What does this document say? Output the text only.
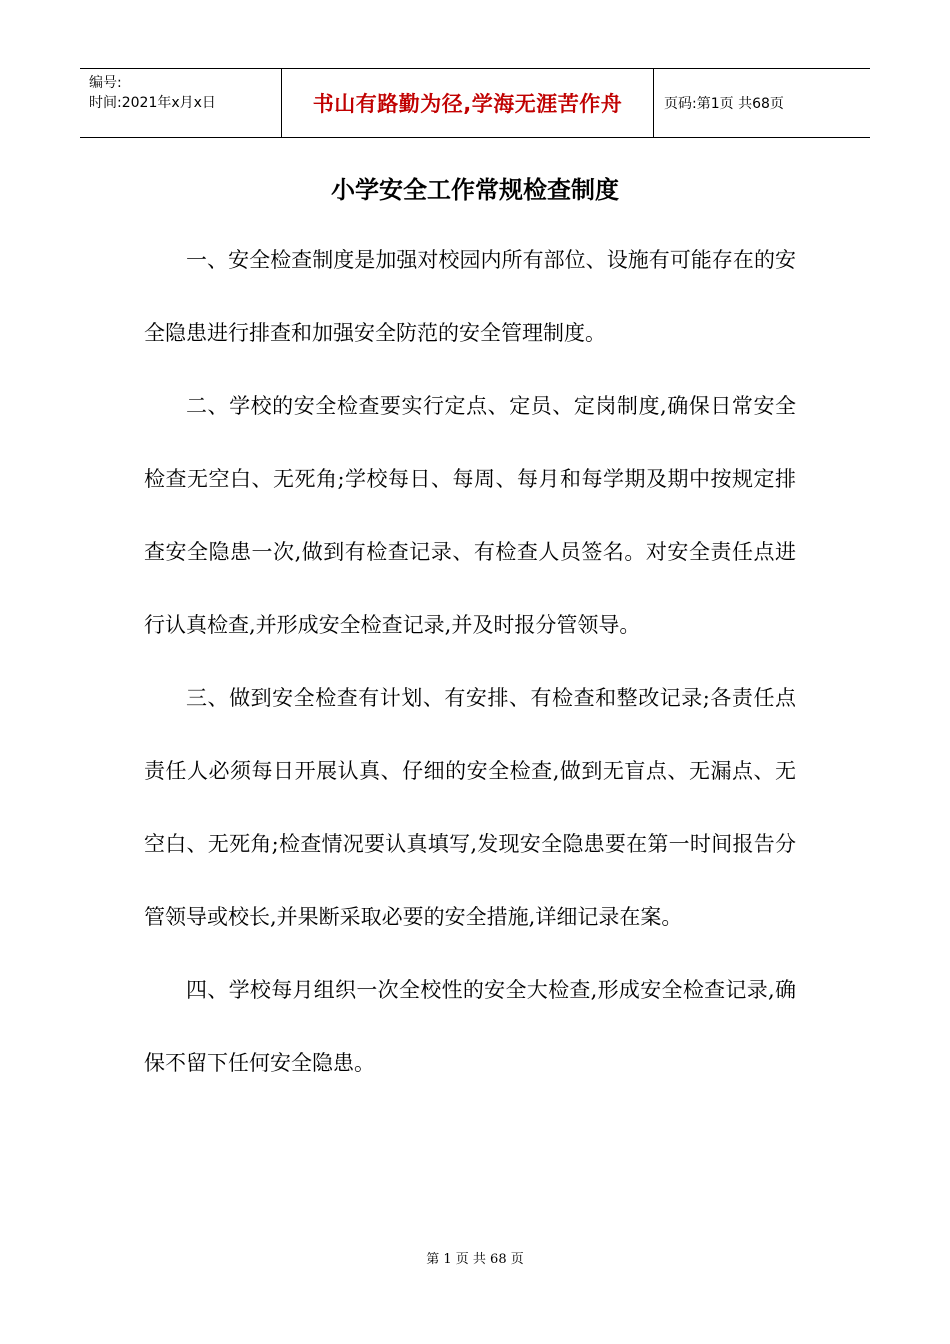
编号:
时间:2021年x月x日	书山有路勤为径,学海无涯苦作舟	页码:第1页 共68页
小学安全工作常规检查制度

一、安全检查制度是加强对校园内所有部位、设施有可能存在的安全隐患进行排查和加强安全防范的安全管理制度。

二、学校的安全检查要实行定点、定员、定岗制度,确保日常安全检查无空白、无死角;学校每日、每周、每月和每学期及期中按规定排查安全隐患一次,做到有检查记录、有检查人员签名。对安全责任点进行认真检查,并形成安全检查记录,并及时报分管领导。

三、做到安全检查有计划、有安排、有检查和整改记录;各责任点责任人必须每日开展认真、仔细的安全检查,做到无盲点、无漏点、无空白、无死角;检查情况要认真填写,发现安全隐患要在第一时间报告分管领导或校长,并果断采取必要的安全措施,详细记录在案。

四、学校每月组织一次全校性的安全大检查,形成安全检查记录,确保不留下任何安全隐患。

第 1 页 共 68 页
